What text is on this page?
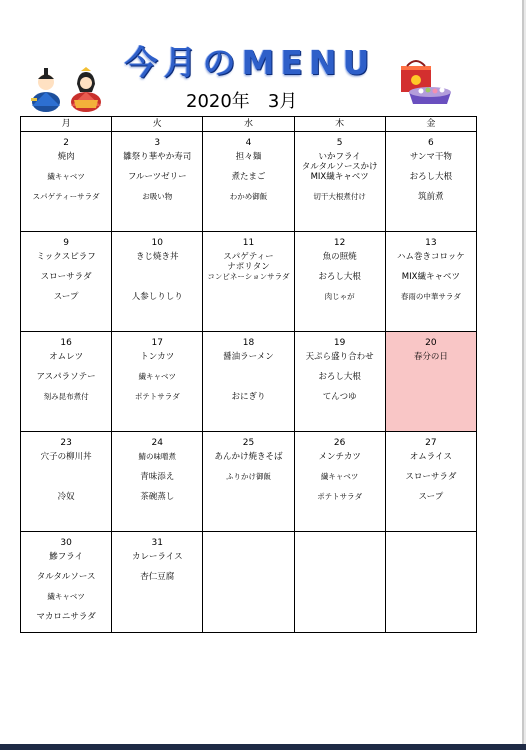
今月のMENU
2020年 3月
月	火	水	木	金

2
焼肉
繊キャベツ
スパゲティーサラダ	3
雛祭り華やか寿司
フルーツゼリー
お吸い物	4
担々麺
煮たまご
わかめ御飯	5
いかフライ
タルタルソースかけ
MIX繊キャベツ
切干大根煮付け	6
サンマ干物
おろし大根
筑前煮

9
ミックスピラフ
スローサラダ
スープ	10
きじ焼き丼
人参しりしり	11
スパゲティー
ナポリタン
コンビネーションサラダ	12
魚の照焼
おろし大根
肉じゃが	13
ハム巻きコロッケ
MIX繊キャベツ
春雨の中華サラダ

16
オムレツ
アスパラソテー
刻み昆布煮付	17
トンカツ
繊キャベツ
ポテトサラダ	18
醤油ラーメン
おにぎり	19
天ぷら盛り合わせ
おろし大根
てんつゆ	20
春分の日

23
穴子の柳川丼
冷奴	24
鯖の味噌煮
青味添え
茶碗蒸し	25
あんかけ焼きそば
ふりかけ御飯	26
メンチカツ
繊キャベツ
ポテトサラダ	27
オムライス
スローサラダ
スープ

30
鰺フライ
タルタルソース
繊キャベツ
マカロニサラダ	31
カレーライス
杏仁豆腐			
